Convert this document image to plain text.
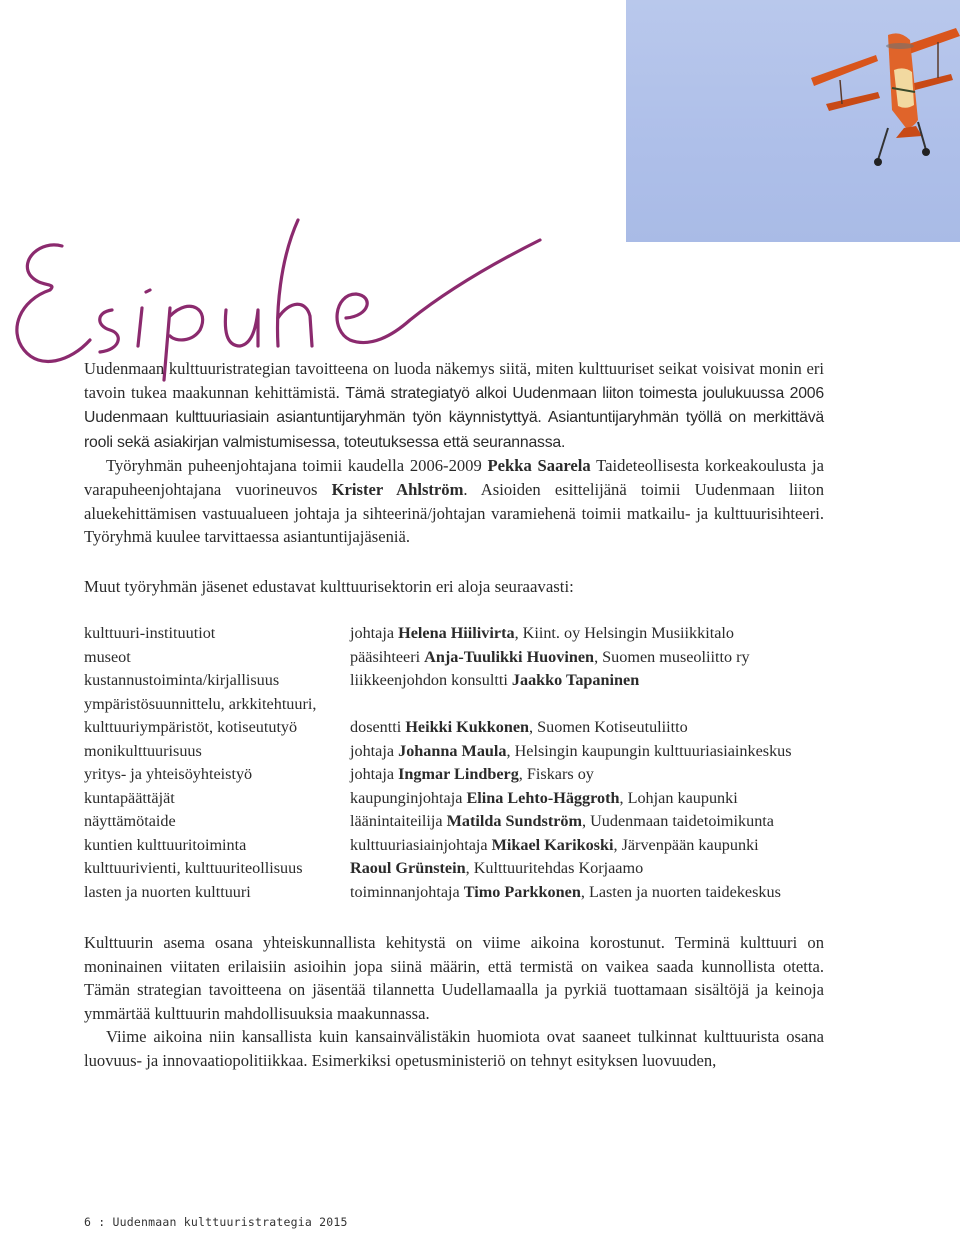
Uudenmaan kulttuuristrategian tavoitteena on luoda näkemys siitä, miten kulttuuriset seikat voisivat monin eri tavoin tukea maakunnan kehittämistä. Tämä strategiatyö alkoi Uudenmaan liiton toimesta joulukuussa 2006 Uudenmaan kulttuuriasiain asiantuntijaryhmän työn käynnistyttyä. Asiantuntijaryhmän työllä on merkittävä rooli sekä asiakirjan valmistumisessa, toteutuksessa että seurannassa.

Työryhmän puheenjohtajana toimii kaudella 2006-2009 Pekka Saarela Taideteollisesta korkeakoulusta ja varapuheenjohtajana vuorineuvos Krister Ahlström. Asioiden esittelijänä toimii Uudenmaan liiton aluekehittämisen vastuualueen johtaja ja sihteerinä/johtajan varamiehenä toimii matkailu- ja kulttuurisihteeri. Työryhmä kuulee tarvittaessa asiantuntijajäseniä.

Muut työryhmän jäsenet edustavat kulttuurisektorin eri aloja seuraavasti:

kulttuuri-instituutiot	johtaja Helena Hiilivirta, Kiint. oy Helsingin Musiikkitalo
museot	pääsihteeri Anja-Tuulikki Huovinen, Suomen museoliitto ry
kustannustoiminta/kirjallisuus	liikkeenjohdon konsultti Jaakko Tapaninen
ympäristösuunnittelu, arkkitehtuuri,
kulttuuriympäristöt, kotiseututyö	dosentti Heikki Kukkonen, Suomen Kotiseutuliitto
monikulttuurisuus	johtaja Johanna Maula, Helsingin kaupungin kulttuuriasiainkeskus
yritys- ja yhteisöyhteistyö	johtaja Ingmar Lindberg, Fiskars oy
kuntapäättäjät	kaupunginjohtaja Elina Lehto-Häggroth, Lohjan kaupunki
näyttämötaide	läänintaiteilija Matilda Sundström, Uudenmaan taidetoimikunta
kuntien kulttuuritoiminta	kulttuuriasiainjohtaja Mikael Karikoski, Järvenpään kaupunki
kulttuurivienti, kulttuuriteollisuus	Raoul Grünstein, Kulttuuritehdas Korjaamo
lasten ja nuorten kulttuuri	toiminnanjohtaja Timo Parkkonen, Lasten ja nuorten taidekeskus

Kulttuurin asema osana yhteiskunnallista kehitystä on viime aikoina korostunut. Terminä kulttuuri on moninainen viitaten erilaisiin asioihin jopa siinä määrin, että termistä on vaikea saada kunnollista otetta. Tämän strategian tavoitteena on jäsentää tilannetta Uudellamaalla ja pyrkiä tuottamaan sisältöjä ja keinoja ymmärtää kulttuurin mahdollisuuksia maakunnassa.

Viime aikoina niin kansallista kuin kansainvälistäkin huomiota ovat saaneet tulkinnat kulttuurista osana luovuus- ja innovaatiopolitiikkaa. Esimerkiksi opetusministeriö on tehnyt esityksen luovuuden,

6 : Uudenmaan kulttuuristrategia 2015
